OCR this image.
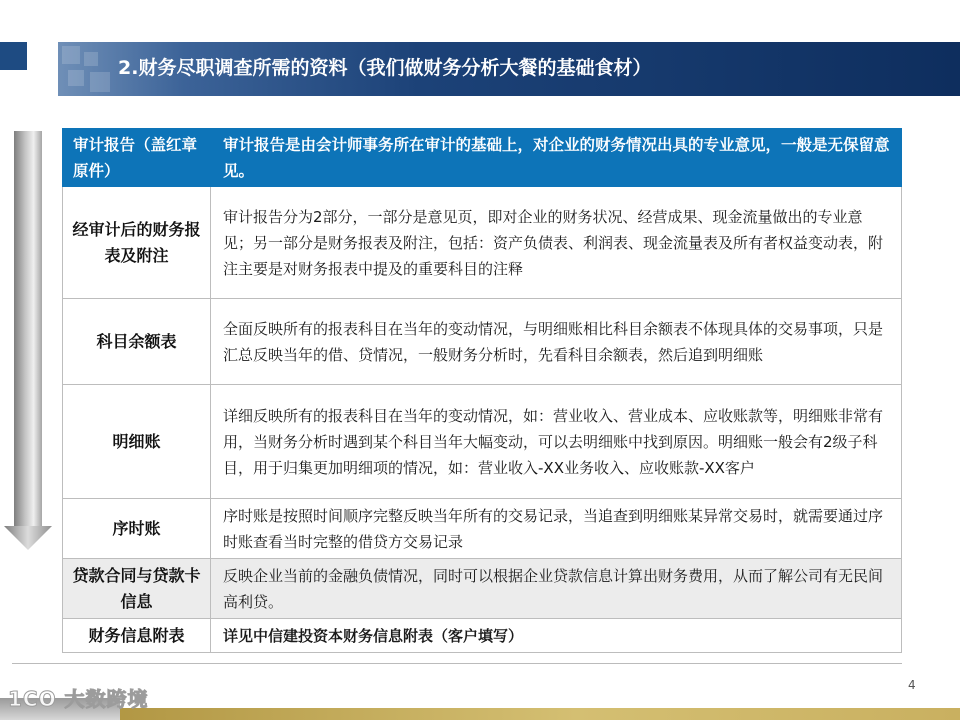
2.财务尽职调查所需的资料（我们做财务分析大餐的基础食材）
审计报告（盖红章原件）	审计报告是由会计师事务所在审计的基础上，对企业的财务情况出具的专业意见，一般是无保留意见。
经审计后的财务报表及附注	审计报告分为2部分，一部分是意见页，即对企业的财务状况、经营成果、现金流量做出的专业意见；另一部分是财务报表及附注，包括：资产负债表、利润表、现金流量表及所有者权益变动表，附注主要是对财务报表中提及的重要科目的注释
科目余额表	全面反映所有的报表科目在当年的变动情况，与明细账相比科目余额表不体现具体的交易事项，只是汇总反映当年的借、贷情况，一般财务分析时，先看科目余额表，然后追到明细账
明细账	详细反映所有的报表科目在当年的变动情况，如：营业收入、营业成本、应收账款等，明细账非常有用，当财务分析时遇到某个科目当年大幅变动，可以去明细账中找到原因。明细账一般会有2级子科目，用于归集更加明细项的情况，如：营业收入-XX业务收入、应收账款-XX客户
序时账	序时账是按照时间顺序完整反映当年所有的交易记录，当追查到明细账某异常交易时，就需要通过序时账查看当时完整的借贷方交易记录
贷款合同与贷款卡信息	反映企业当前的金融负债情况，同时可以根据企业贷款信息计算出财务费用，从而了解公司有无民间高利贷。
财务信息附表	详见中信建投资本财务信息附表（客户填写）
4
1CO 大数跨境
